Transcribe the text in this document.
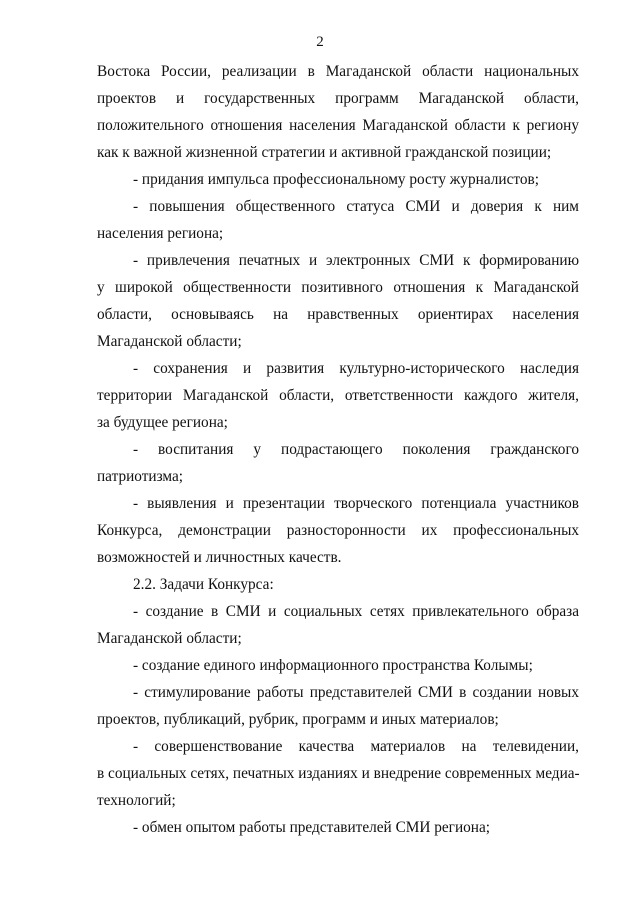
2

Востока России, реализации в Магаданской области национальных
проектов и государственных программ Магаданской области,
положительного отношения населения Магаданской области к региону
как к важной жизненной стратегии и активной гражданской позиции;

- придания импульса профессиональному росту журналистов;

- повышения общественного статуса СМИ и доверия к ним
населения региона;

- привлечения печатных и электронных СМИ к формированию
у широкой общественности позитивного отношения к Магаданской
области, основываясь на нравственных ориентирах населения
Магаданской области;

- сохранения и развития культурно-исторического наследия
территории Магаданской области, ответственности каждого жителя,
за будущее региона;

- воспитания у подрастающего поколения гражданского
патриотизма;

- выявления и презентации творческого потенциала участников
Конкурса, демонстрации разносторонности их профессиональных
возможностей и личностных качеств.

2.2. Задачи Конкурса:

- создание в СМИ и социальных сетях привлекательного образа
Магаданской области;

- создание единого информационного пространства Колымы;

- стимулирование работы представителей СМИ в создании новых
проектов, публикаций, рубрик, программ и иных материалов;

- совершенствование качества материалов на телевидении,
в социальных сетях, печатных изданиях и внедрение современных медиа-
технологий;

- обмен опытом работы представителей СМИ региона;
